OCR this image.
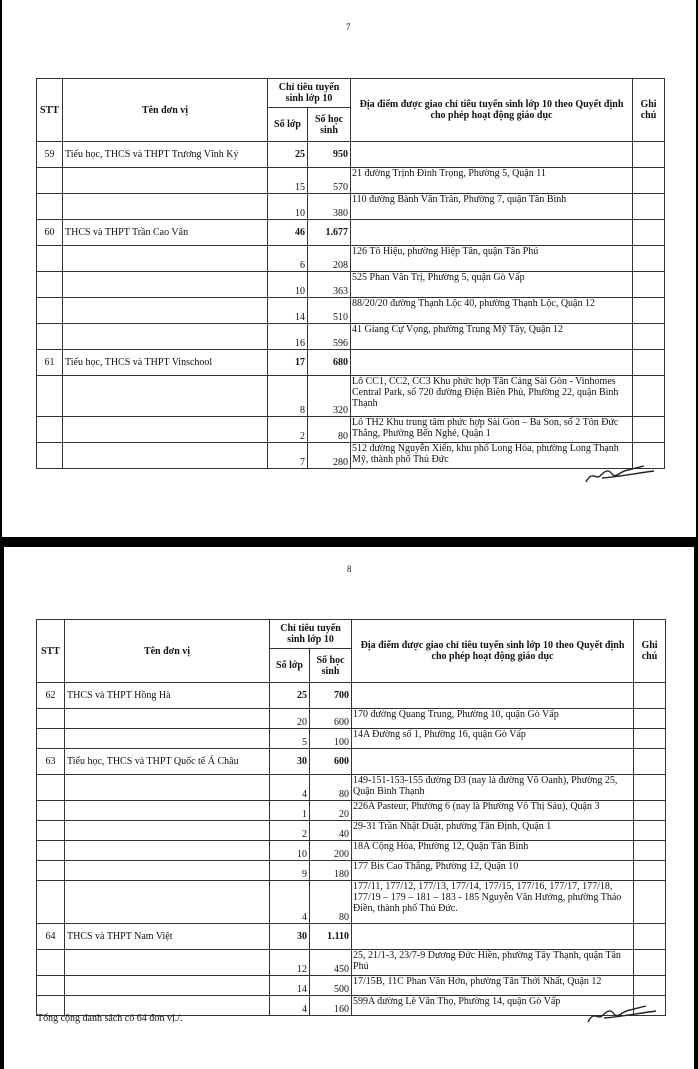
7
STT	Tên đơn vị	Chỉ tiêu tuyển sinh lớp 10		Địa điểm được giao chỉ tiêu tuyển sinh lớp 10 theo Quyết định cho phép hoạt động giáo dục	Ghi chú
		Số lớp	Số học sinh		
59	Tiểu học, THCS và THPT Trương Vĩnh Ký	25	950		
		15	570	21 đường Trịnh Đình Trọng, Phường 5, Quận 11	
		10	380	110 đường Bành Văn Trân, Phường 7, quận Tân Bình	
60	THCS và THPT Trần Cao Vân	46	1.677		
		6	208	126 Tô Hiệu, phường Hiệp Tân, quận Tân Phú	
		10	363	525 Phan Văn Trị, Phường 5, quận Gò Vấp	
		14	510	88/20/20 đường Thạnh Lộc 40, phường Thạnh Lộc, Quận 12	
		16	596	41 Giang Cự Vọng, phường Trung Mỹ Tây, Quận 12	
61	Tiểu học, THCS và THPT Vinschool	17	680		
		8	320	Lô CC1, CC2, CC3 Khu phức hợp Tân Cảng Sài Gòn - Vinhomes Central Park, số 720 đường Điện Biên Phủ, Phường 22, quận Bình Thạnh	
		2	80	Lô TH2 Khu trung tâm phức hợp Sài Gòn – Ba Son, số 2 Tôn Đức Thắng, Phường Bến Nghé, Quận 1	
		7	280	512 đường Nguyễn Xiển, khu phố Long Hòa, phường Long Thạnh Mỹ, thành phố Thủ Đức	
8
STT	Tên đơn vị	Chỉ tiêu tuyển sinh lớp 10		Địa điểm được giao chỉ tiêu tuyển sinh lớp 10 theo Quyết định cho phép hoạt động giáo dục	Ghi chú
		Số lớp	Số học sinh		
62	THCS và THPT Hồng Hà	25	700		
		20	600	170 đường Quang Trung, Phường 10, quận Gò Vấp	
		5	100	14A Đường số 1, Phường 16, quận Gò Vấp	
63	Tiểu học, THCS và THPT Quốc tế Á Châu	30	600		
		4	80	149-151-153-155 đường D3 (nay là đường Võ Oanh), Phường 25, Quận Bình Thạnh	
		1	20	226A Pasteur, Phường 6 (nay là Phường Võ Thị Sáu), Quận 3	
		2	40	29-31 Trần Nhật Duật, phường Tân Định, Quận 1	
		10	200	18A Cộng Hòa, Phường 12, Quận Tân Bình	
		9	180	177 Bis Cao Thắng, Phường 12, Quận 10	
		4	80	177/11, 177/12, 177/13, 177/14, 177/15, 177/16, 177/17, 177/18, 177/19 – 179 – 181 – 183 - 185 Nguyễn Văn Hưởng, phường Thảo Điền, thành phố Thủ Đức.	
64	THCS và THPT Nam Việt	30	1.110		
		12	450	25, 21/1-3, 23/7-9 Dương Đức Hiền, phường Tây Thạnh, quận Tân Phú	
		14	500	17/15B, 11C Phan Văn Hớn, phường Tân Thới Nhất, Quận 12	
		4	160	599A đường Lê Văn Thọ, Phường 14, quận Gò Vấp	
Tổng cộng danh sách có 64 đơn vị./.
